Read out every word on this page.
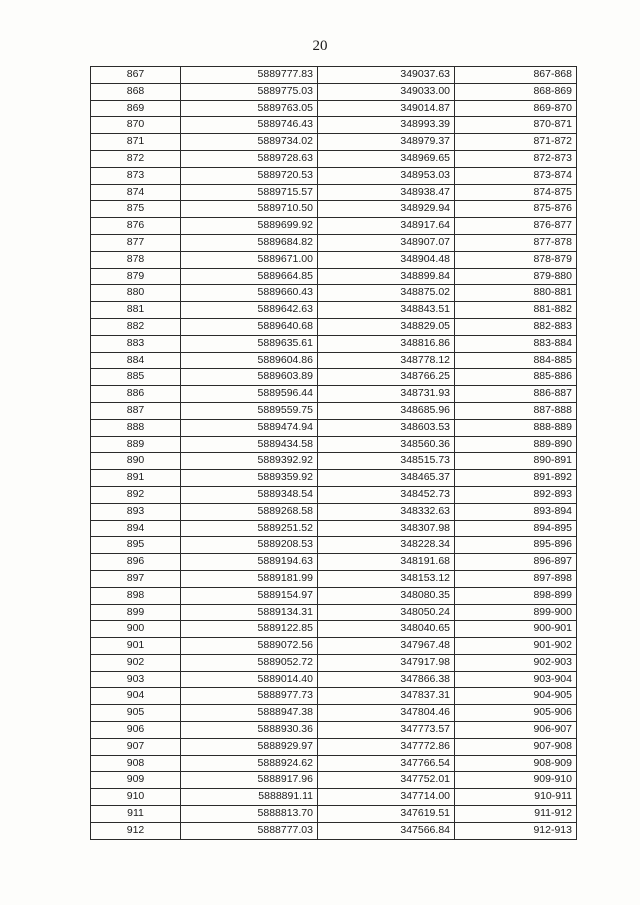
20
867	5889777.83	349037.63	867-868
868	5889775.03	349033.00	868-869
869	5889763.05	349014.87	869-870
870	5889746.43	348993.39	870-871
871	5889734.02	348979.37	871-872
872	5889728.63	348969.65	872-873
873	5889720.53	348953.03	873-874
874	5889715.57	348938.47	874-875
875	5889710.50	348929.94	875-876
876	5889699.92	348917.64	876-877
877	5889684.82	348907.07	877-878
878	5889671.00	348904.48	878-879
879	5889664.85	348899.84	879-880
880	5889660.43	348875.02	880-881
881	5889642.63	348843.51	881-882
882	5889640.68	348829.05	882-883
883	5889635.61	348816.86	883-884
884	5889604.86	348778.12	884-885
885	5889603.89	348766.25	885-886
886	5889596.44	348731.93	886-887
887	5889559.75	348685.96	887-888
888	5889474.94	348603.53	888-889
889	5889434.58	348560.36	889-890
890	5889392.92	348515.73	890-891
891	5889359.92	348465.37	891-892
892	5889348.54	348452.73	892-893
893	5889268.58	348332.63	893-894
894	5889251.52	348307.98	894-895
895	5889208.53	348228.34	895-896
896	5889194.63	348191.68	896-897
897	5889181.99	348153.12	897-898
898	5889154.97	348080.35	898-899
899	5889134.31	348050.24	899-900
900	5889122.85	348040.65	900-901
901	5889072.56	347967.48	901-902
902	5889052.72	347917.98	902-903
903	5889014.40	347866.38	903-904
904	5888977.73	347837.31	904-905
905	5888947.38	347804.46	905-906
906	5888930.36	347773.57	906-907
907	5888929.97	347772.86	907-908
908	5888924.62	347766.54	908-909
909	5888917.96	347752.01	909-910
910	5888891.11	347714.00	910-911
911	5888813.70	347619.51	911-912
912	5888777.03	347566.84	912-913
